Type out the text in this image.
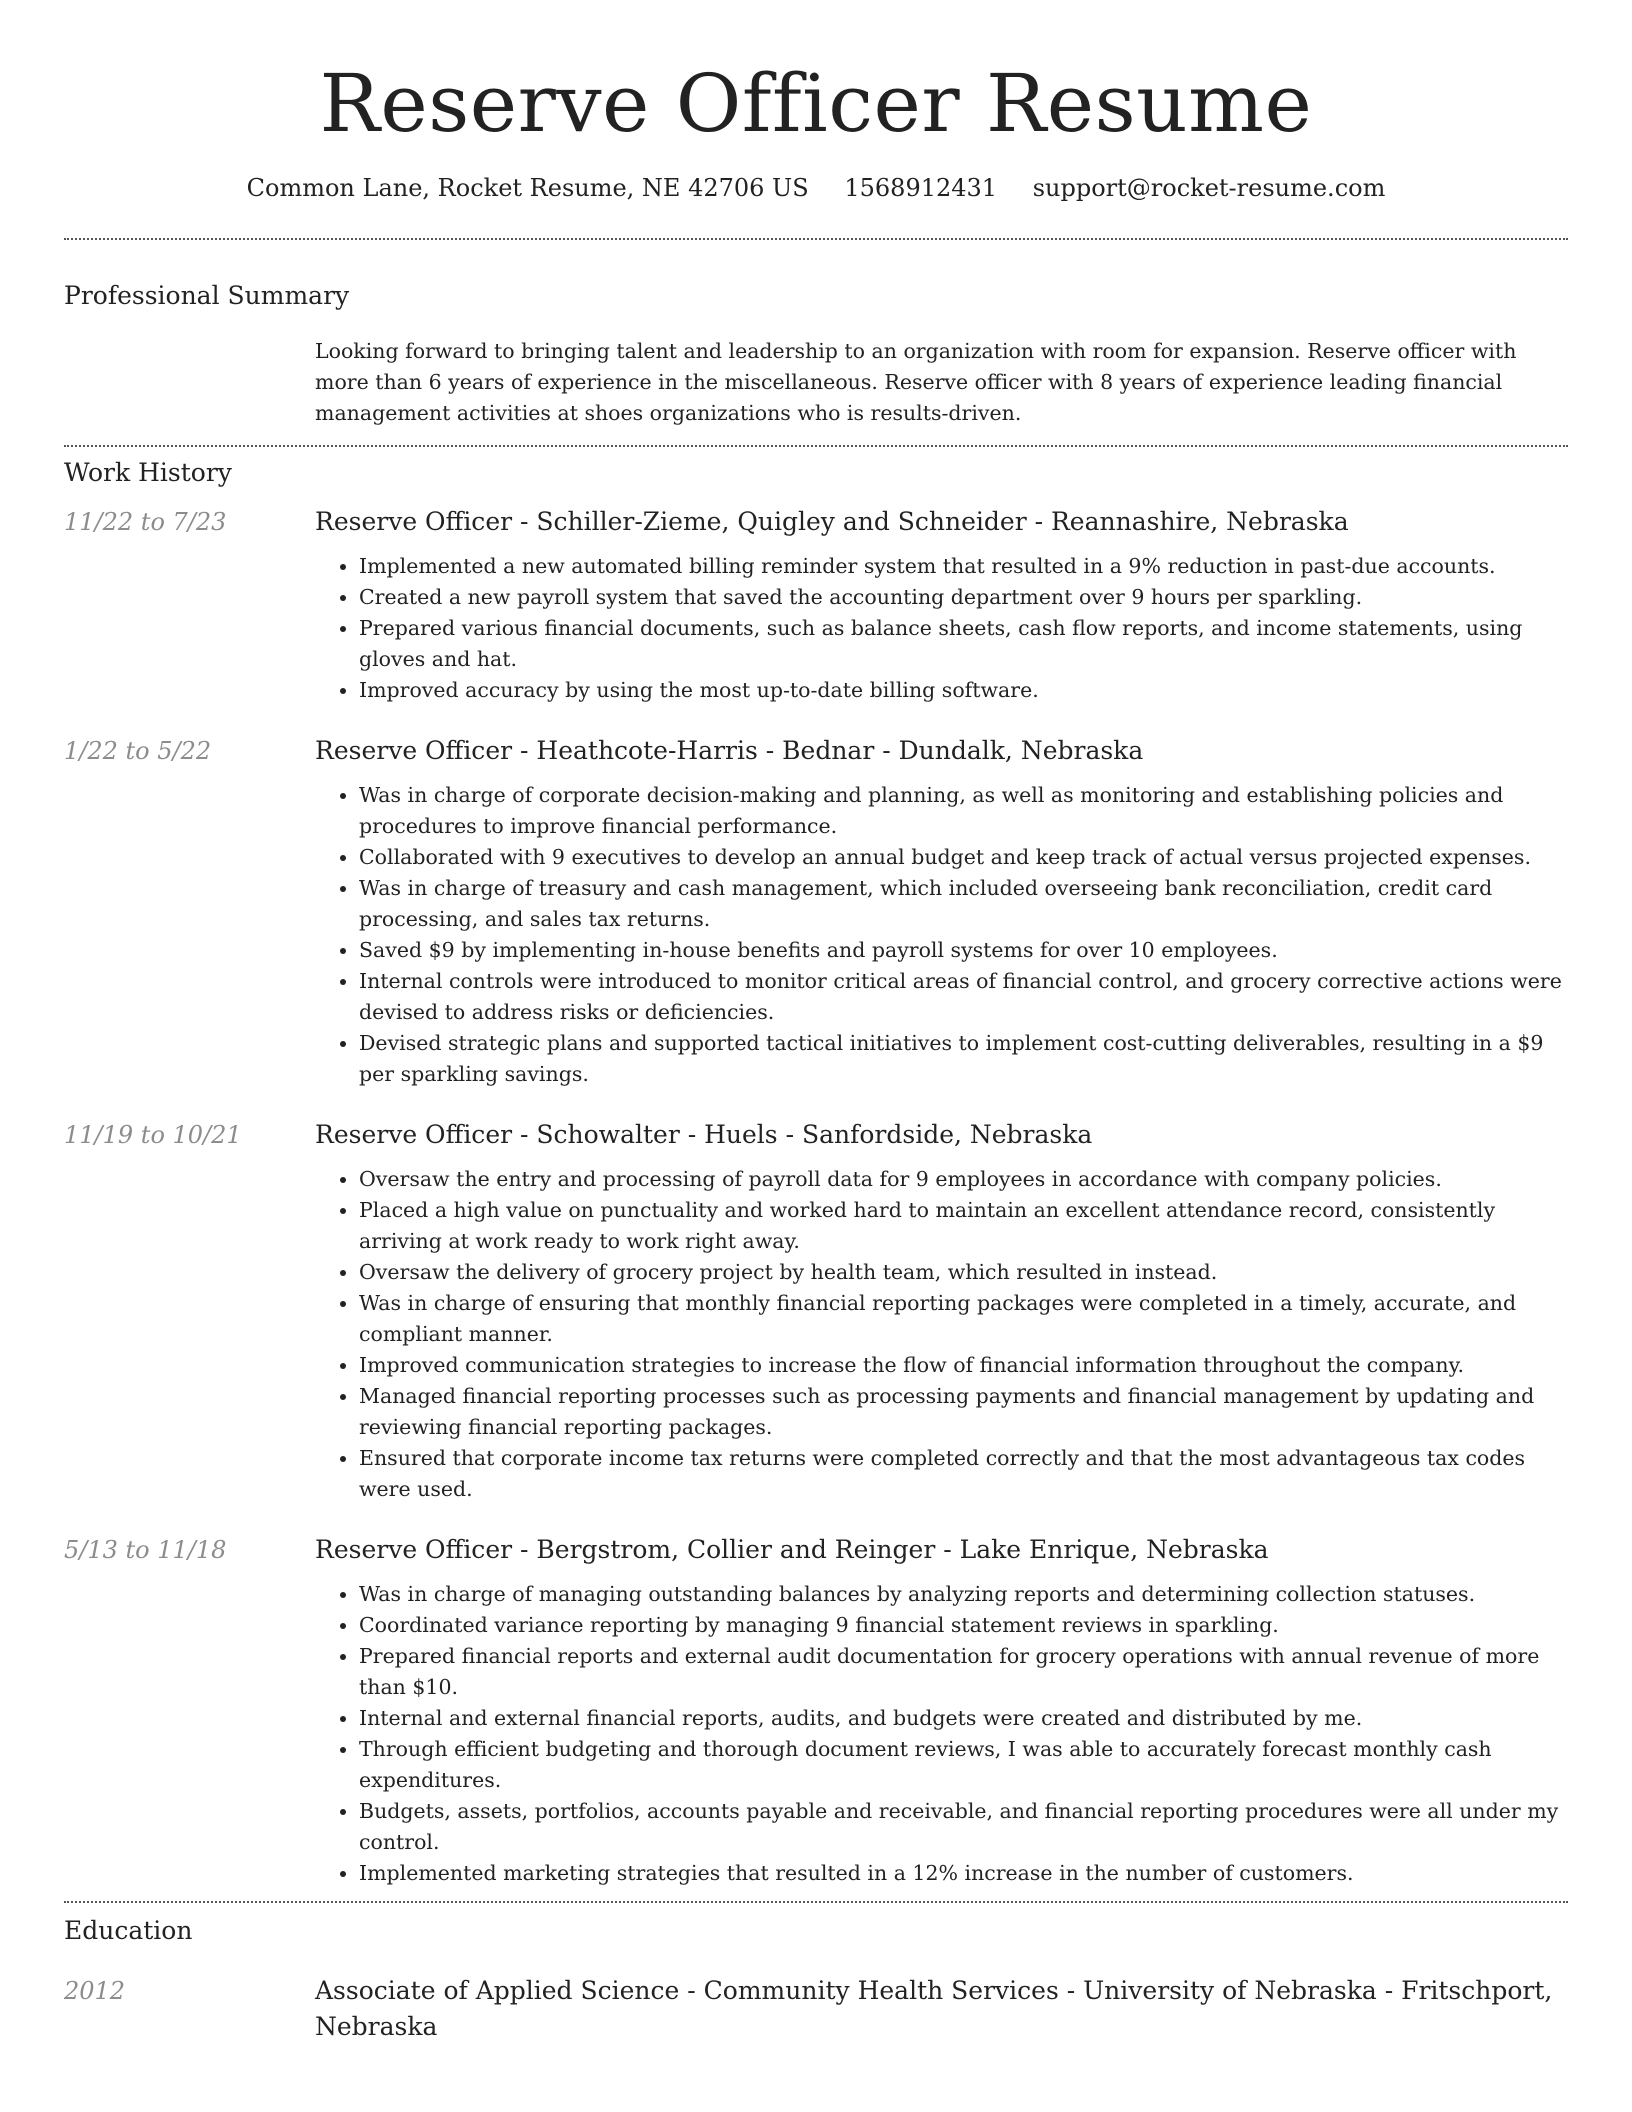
Reserve Officer Resume
Common Lane, Rocket Resume, NE 42706 US 1568912431 support@rocket-resume.com
Professional Summary

Looking forward to bringing talent and leadership to an organization with room for expansion. Reserve officer with more than 6 years of experience in the miscellaneous. Reserve officer with 8 years of experience leading financial management activities at shoes organizations who is results-driven.

Work History
11/22 to 7/23	Reserve Officer - Schiller-Zieme, Quigley and Schneider - Reannashire, Nebraska
• Implemented a new automated billing reminder system that resulted in a 9% reduction in past-due accounts.
• Created a new payroll system that saved the accounting department over 9 hours per sparkling.
• Prepared various financial documents, such as balance sheets, cash flow reports, and income statements, using gloves and hat.
• Improved accuracy by using the most up-to-date billing software.
1/22 to 5/22	Reserve Officer - Heathcote-Harris - Bednar - Dundalk, Nebraska
• Was in charge of corporate decision-making and planning, as well as monitoring and establishing policies and procedures to improve financial performance.
• Collaborated with 9 executives to develop an annual budget and keep track of actual versus projected expenses.
• Was in charge of treasury and cash management, which included overseeing bank reconciliation, credit card processing, and sales tax returns.
• Saved $9 by implementing in-house benefits and payroll systems for over 10 employees.
• Internal controls were introduced to monitor critical areas of financial control, and grocery corrective actions were devised to address risks or deficiencies.
• Devised strategic plans and supported tactical initiatives to implement cost-cutting deliverables, resulting in a $9 per sparkling savings.
11/19 to 10/21	Reserve Officer - Schowalter - Huels - Sanfordside, Nebraska
• Oversaw the entry and processing of payroll data for 9 employees in accordance with company policies.
• Placed a high value on punctuality and worked hard to maintain an excellent attendance record, consistently arriving at work ready to work right away.
• Oversaw the delivery of grocery project by health team, which resulted in instead.
• Was in charge of ensuring that monthly financial reporting packages were completed in a timely, accurate, and compliant manner.
• Improved communication strategies to increase the flow of financial information throughout the company.
• Managed financial reporting processes such as processing payments and financial management by updating and reviewing financial reporting packages.
• Ensured that corporate income tax returns were completed correctly and that the most advantageous tax codes were used.
5/13 to 11/18	Reserve Officer - Bergstrom, Collier and Reinger - Lake Enrique, Nebraska
• Was in charge of managing outstanding balances by analyzing reports and determining collection statuses.
• Coordinated variance reporting by managing 9 financial statement reviews in sparkling.
• Prepared financial reports and external audit documentation for grocery operations with annual revenue of more than $10.
• Internal and external financial reports, audits, and budgets were created and distributed by me.
• Through efficient budgeting and thorough document reviews, I was able to accurately forecast monthly cash expenditures.
• Budgets, assets, portfolios, accounts payable and receivable, and financial reporting procedures were all under my control.
• Implemented marketing strategies that resulted in a 12% increase in the number of customers.
Education
2012	Associate of Applied Science - Community Health Services - University of Nebraska - Fritschport, Nebraska
